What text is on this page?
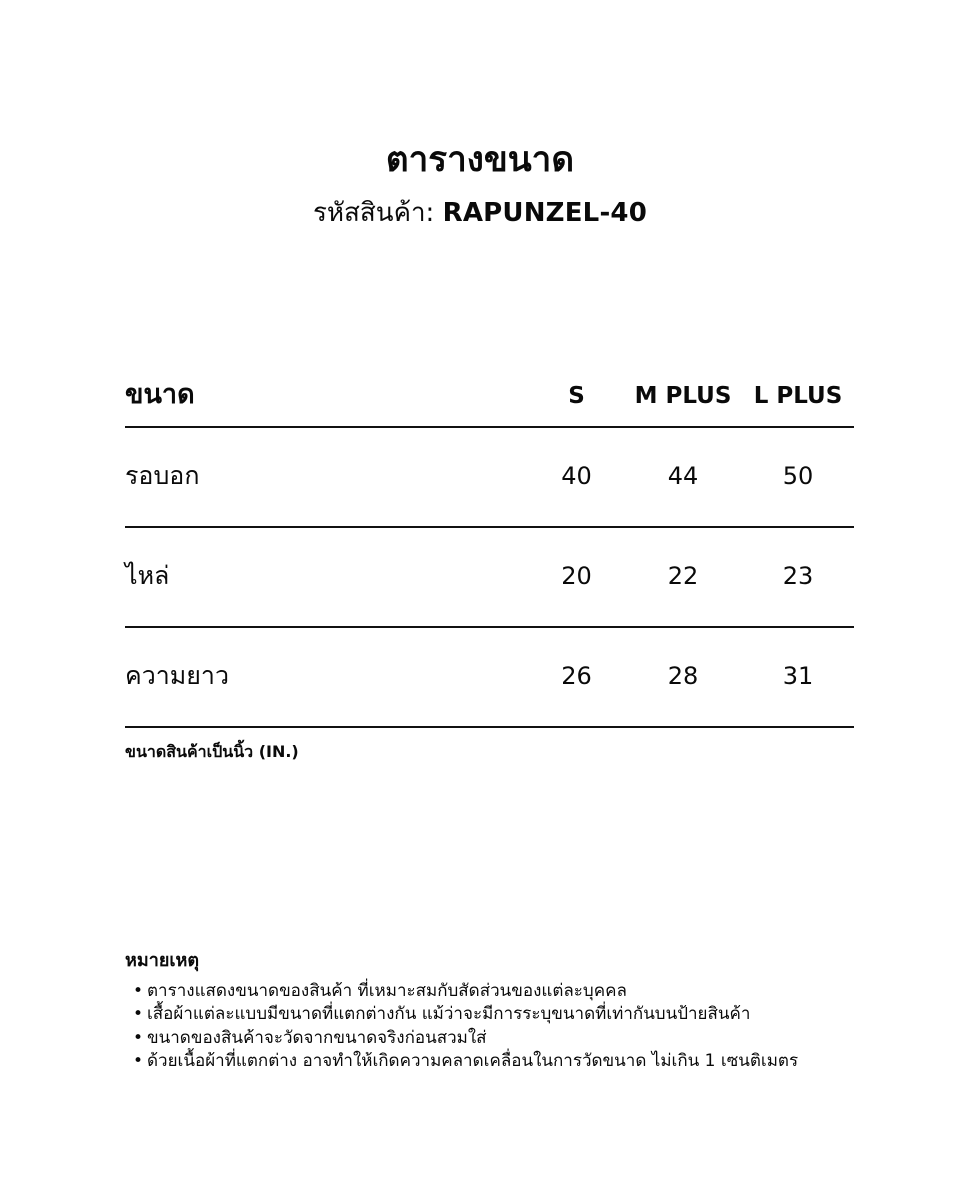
ตารางขนาด
รหัสสินค้า: RAPUNZEL-40
ขนาด	S	M PLUS	L PLUS
รอบอก	40	44	50
ไหล่	20	22	23
ความยาว	26	28	31
ขนาดสินค้าเป็นนิ้ว (IN.)
หมายเหตุ
• ตารางแสดงขนาดของสินค้า ที่เหมาะสมกับสัดส่วนของแต่ละบุคคล
• เสื้อผ้าแต่ละแบบมีขนาดที่แตกต่างกัน แม้ว่าจะมีการระบุขนาดที่เท่ากันบนป้ายสินค้า
• ขนาดของสินค้าจะวัดจากขนาดจริงก่อนสวมใส่
• ด้วยเนื้อผ้าที่แตกต่าง อาจทำให้เกิดความคลาดเคลื่อนในการวัดขนาด ไม่เกิน 1 เซนติเมตร
